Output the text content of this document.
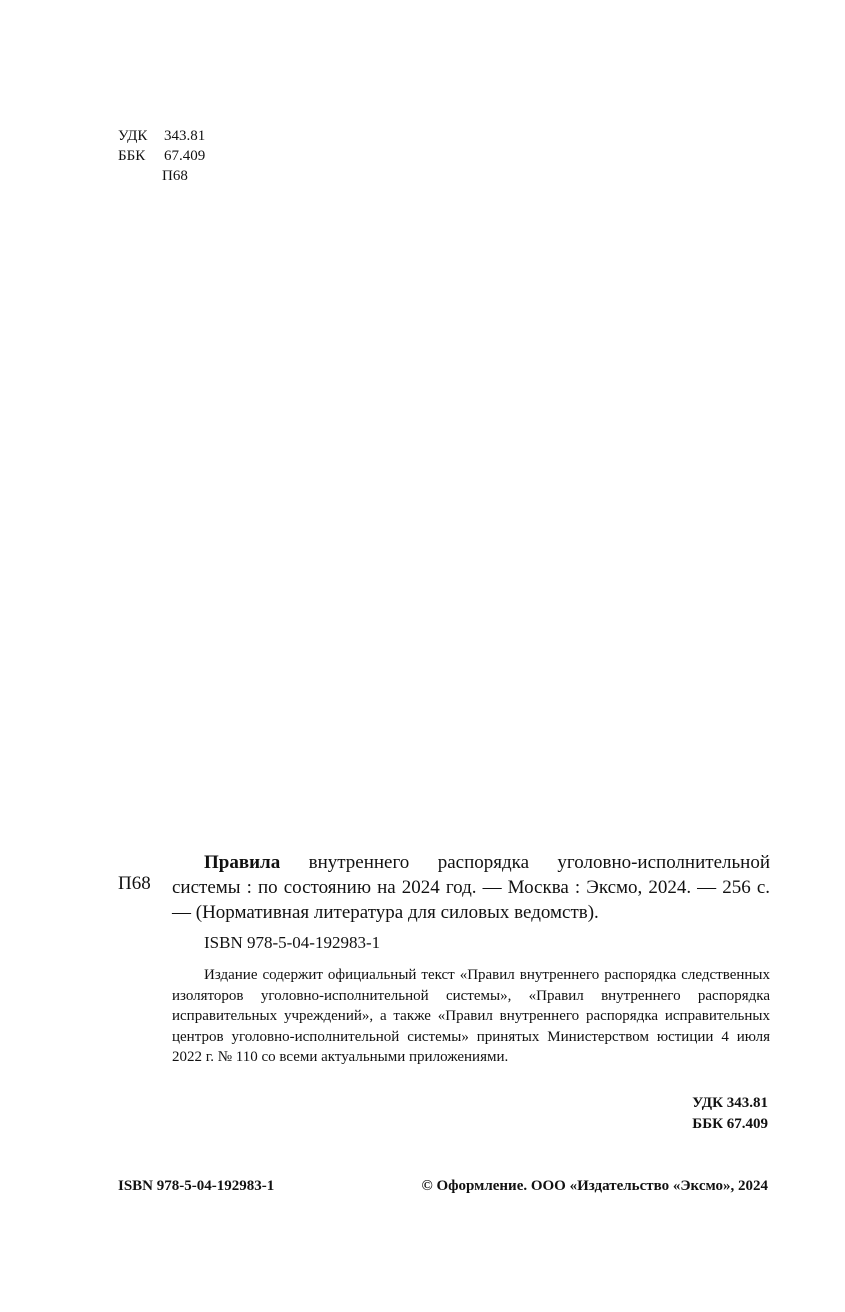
УДК	343.81
ББК	67.409
П68
П68

Правила внутреннего распорядка уголовно-исполнительной системы : по состоянию на 2024 год. — Москва : Эксмо, 2024. — 256 с. — (Нормативная литература для силовых ведомств).

ISBN 978-5-04-192983-1

Издание содержит официальный текст «Правил внутреннего распорядка следственных изоляторов уголовно-исполнительной системы», «Правил внутреннего распорядка исправительных учреждений», а также «Правил внутреннего распорядка исправительных центров уголовно-исполнительной системы» принятых Министерством юстиции 4 июля 2022 г. № 110 со всеми актуальными приложениями.

УДК 343.81
ББК 67.409
ISBN 978-5-04-192983-1	© Оформление. ООО «Издательство «Эксмо», 2024
